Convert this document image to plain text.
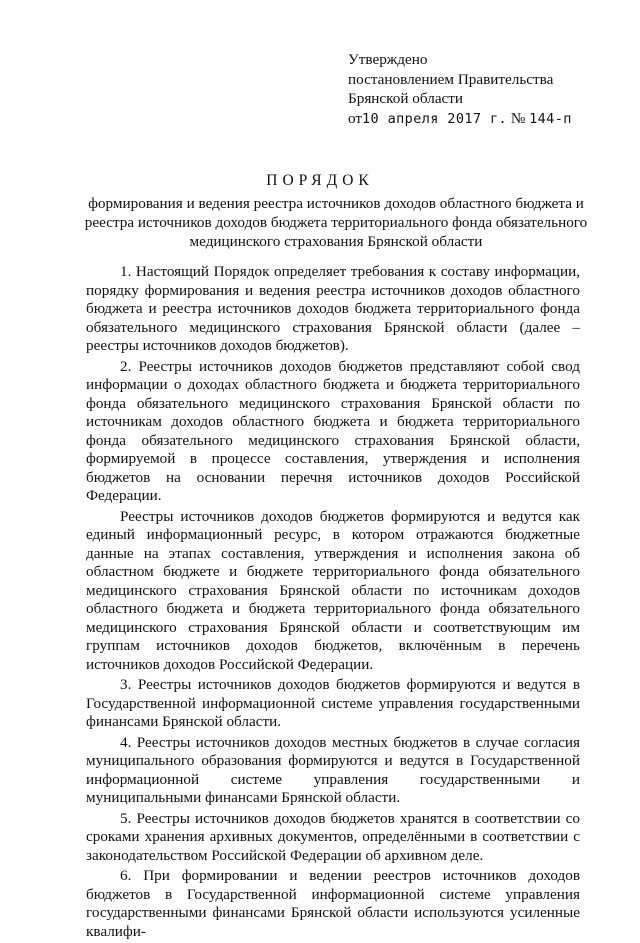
Утверждено
постановлением Правительства
Брянской области
от10 апреля 2017 г. № 144-п
ПОРЯДОК
формирования и ведения реестра источников доходов областного бюджета и реестра источников доходов бюджета территориального фонда обязательного медицинского страхования Брянской области

1. Настоящий Порядок определяет требования к составу информации, порядку формирования и ведения реестра источников доходов областного бюджета и реестра источников доходов бюджета территориального фонда обязательного медицинского страхования Брянской области (далее – реестры источников доходов бюджетов).

2. Реестры источников доходов бюджетов представляют собой свод информации о доходах областного бюджета и бюджета территориального фонда обязательного медицинского страхования Брянской области по источникам доходов областного бюджета и бюджета территориального фонда обязательного медицинского страхования Брянской области, формируемой в процессе составления, утверждения и исполнения бюджетов на основании перечня источников доходов Российской Федерации.

Реестры источников доходов бюджетов формируются и ведутся как единый информационный ресурс, в котором отражаются бюджетные данные на этапах составления, утверждения и исполнения закона об областном бюджете и бюджете территориального фонда обязательного медицинского страхования Брянской области по источникам доходов областного бюджета и бюджета территориального фонда обязательного медицинского страхования Брянской области и соответствующим им группам источников доходов бюджетов, включённым в перечень источников доходов Российской Федерации.

3. Реестры источников доходов бюджетов формируются и ведутся в Государственной информационной системе управления государственными финансами Брянской области.

4. Реестры источников доходов местных бюджетов в случае согласия муниципального образования формируются и ведутся в Государственной информационной системе управления государственными и муниципальными финансами Брянской области.

5. Реестры источников доходов бюджетов хранятся в соответствии со сроками хранения архивных документов, определёнными в соответствии с законодательством Российской Федерации об архивном деле.

6. При формировании и ведении реестров источников доходов бюджетов в Государственной информационной системе управления государственными финансами Брянской области используются усиленные квалифи-
